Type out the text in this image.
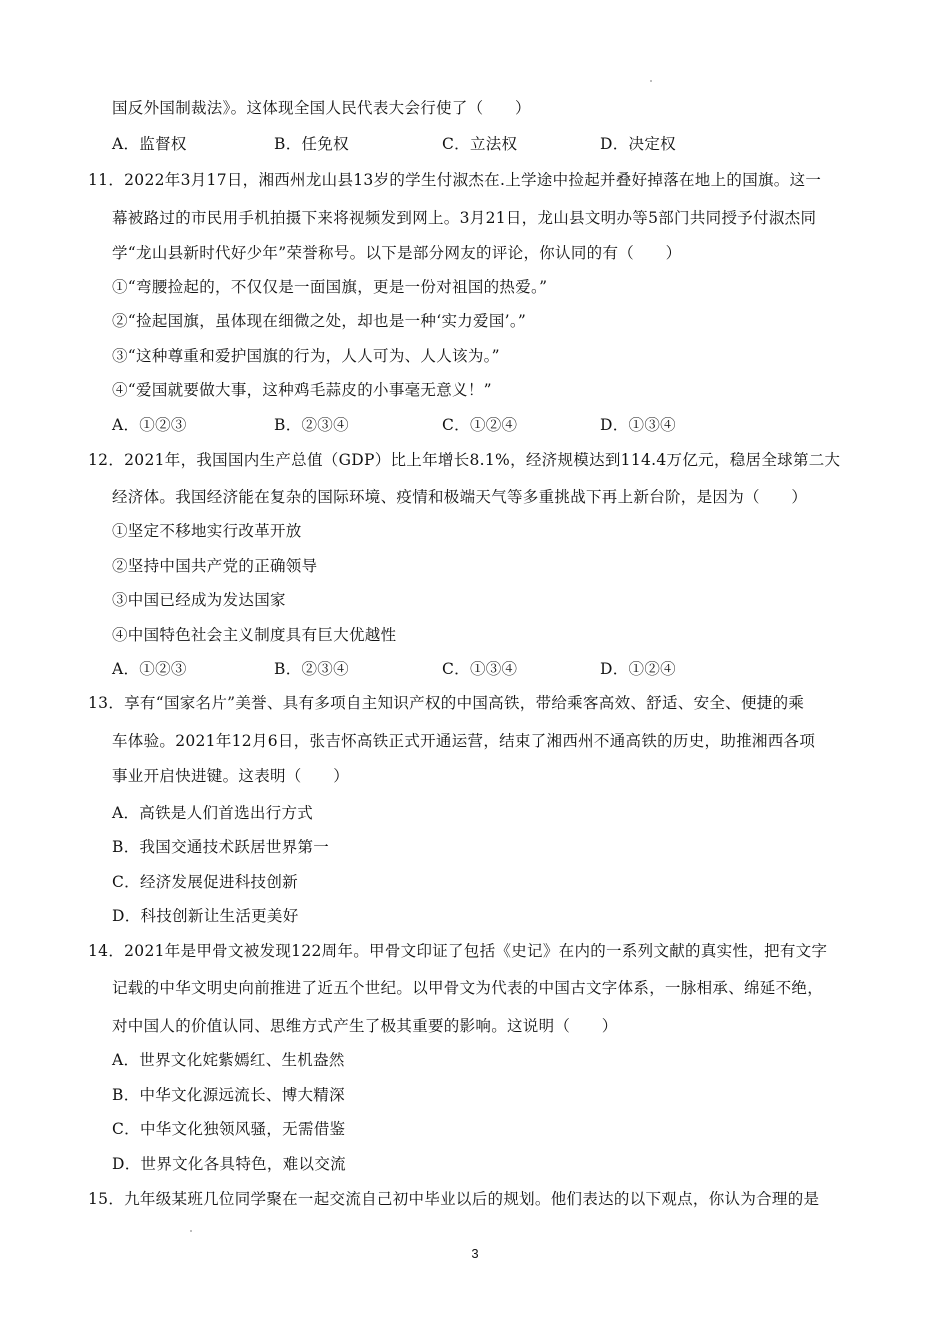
国反外国制裁法》。这体现全国人民代表大会行使了（　　）
A．监督权	B．任免权	C．立法权	D．决定权
11．2022年3月17日，湘西州龙山县13岁的学生付淑杰在.上学途中捡起并叠好掉落在地上的国旗。这一
幕被路过的市民用手机拍摄下来将视频发到网上。3月21日，龙山县文明办等5部门共同授予付淑杰同
学“龙山县新时代好少年”荣誉称号。以下是部分网友的评论，你认同的有（　　）
①“弯腰捡起的，不仅仅是一面国旗，更是一份对祖国的热爱。”
②“捡起国旗，虽体现在细微之处，却也是一种‘实力爱国’。”
③“这种尊重和爱护国旗的行为，人人可为、人人该为。”
④“爱国就要做大事，这种鸡毛蒜皮的小事毫无意义！”
A．①②③	B．②③④	C．①②④	D．①③④
12．2021年，我国国内生产总值（GDP）比上年增长8.1%，经济规模达到114.4万亿元，稳居全球第二大
经济体。我国经济能在复杂的国际环境、疫情和极端天气等多重挑战下再上新台阶，是因为（　　）
①坚定不移地实行改革开放
②坚持中国共产党的正确领导
③中国已经成为发达国家
④中国特色社会主义制度具有巨大优越性
A．①②③	B．②③④	C．①③④	D．①②④
13．享有“国家名片”美誉、具有多项自主知识产权的中国高铁，带给乘客高效、舒适、安全、便捷的乘
车体验。2021年12月6日，张吉怀高铁正式开通运营，结束了湘西州不通高铁的历史，助推湘西各项
事业开启快进键。这表明（　　）
A．高铁是人们首选出行方式
B．我国交通技术跃居世界第一
C．经济发展促进科技创新
D．科技创新让生活更美好
14．2021年是甲骨文被发现122周年。甲骨文印证了包括《史记》在内的一系列文献的真实性，把有文字
记载的中华文明史向前推进了近五个世纪。以甲骨文为代表的中国古文字体系，一脉相承、绵延不绝，
对中国人的价值认同、思维方式产生了极其重要的影响。这说明（　　）
A．世界文化姹紫嫣红、生机盎然
B．中华文化源远流长、博大精深
C．中华文化独领风骚，无需借鉴
D．世界文化各具特色，难以交流
15．九年级某班几位同学聚在一起交流自己初中毕业以后的规划。他们表达的以下观点，你认为合理的是
3
